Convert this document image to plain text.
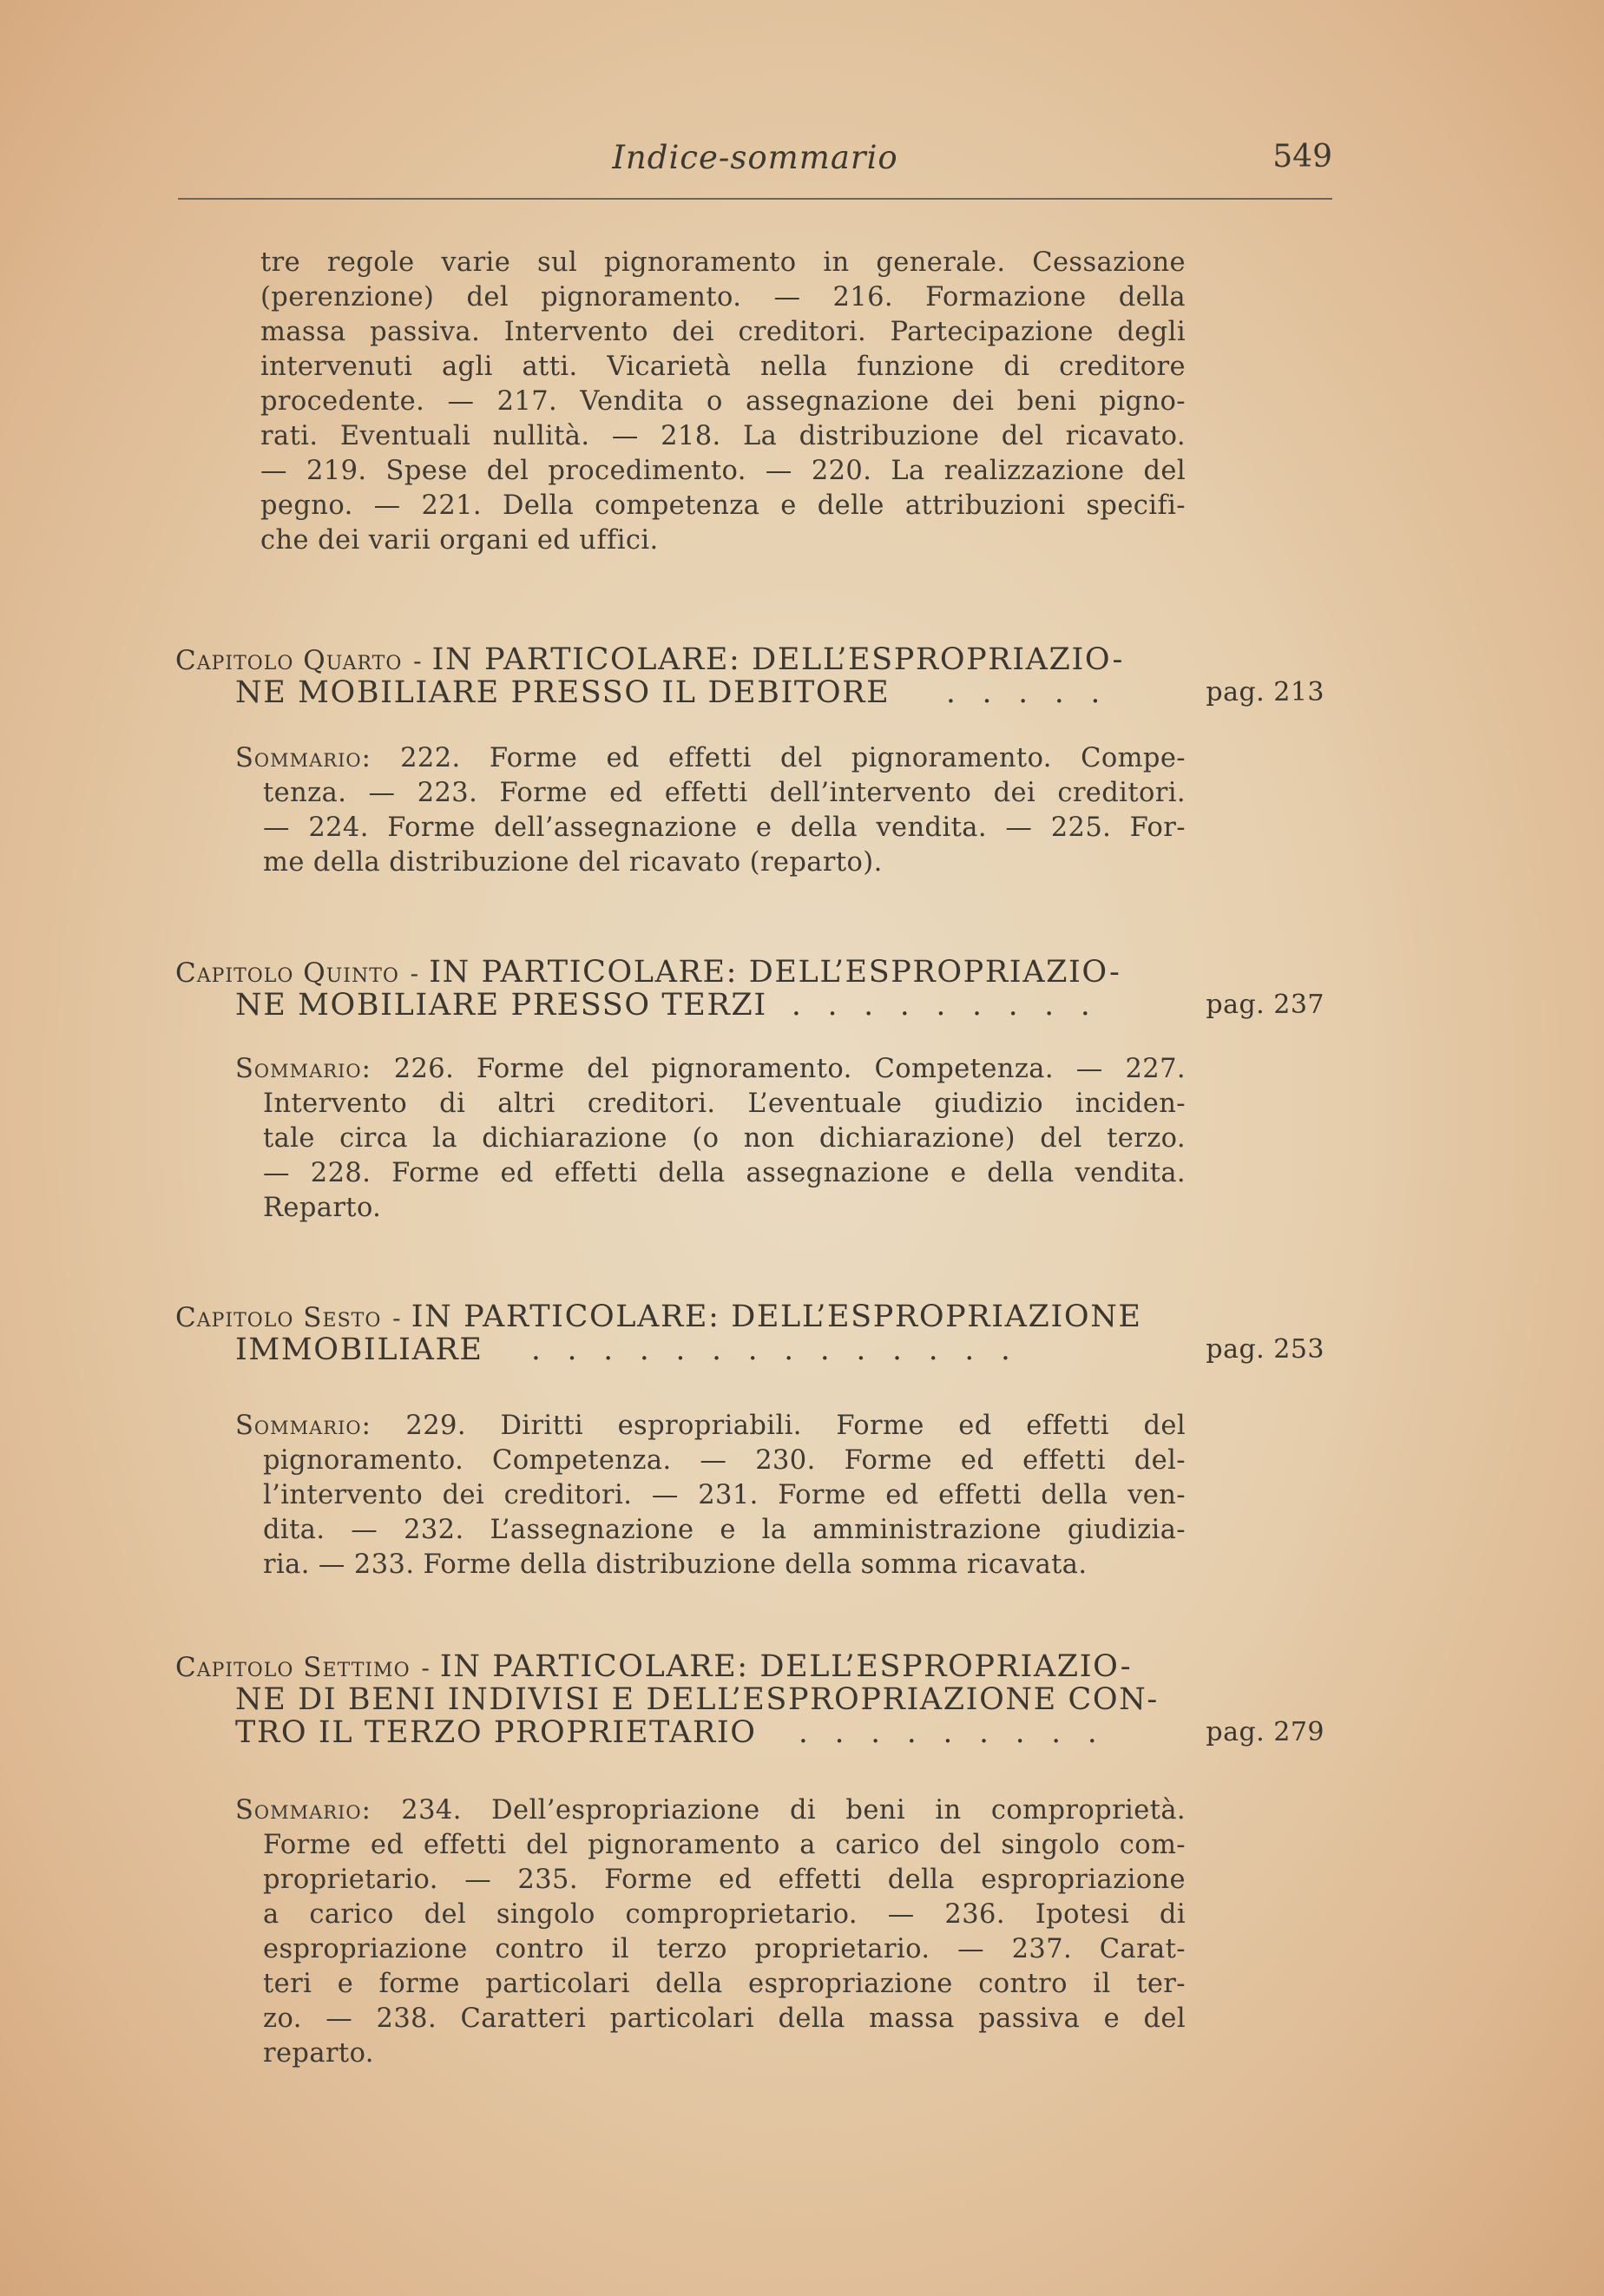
Indice-sommario	549
tre regole varie sul pignoramento in generale. Cessazione
(perenzione) del pignoramento. — 216. Formazione della
massa passiva. Intervento dei creditori. Partecipazione degli
intervenuti agli atti. Vicarietà nella funzione di creditore
procedente. — 217. Vendita o assegnazione dei beni pigno-
rati. Eventuali nullità. — 218. La distribuzione del ricavato.
— 219. Spese del procedimento. — 220. La realizzazione del
pegno. — 221. Della competenza e delle attribuzioni specifi-
che dei varii organi ed uffici.
Capitolo Quarto - IN PARTICOLARE: DELL’ESPROPRIAZIO-
NE MOBILIARE PRESSO IL DEBITORE . . . . .	pag. 213
Sommario: 222. Forme ed effetti del pignoramento. Compe-
tenza. — 223. Forme ed effetti dell’intervento dei creditori.
— 224. Forme dell’assegnazione e della vendita. — 225. For-
me della distribuzione del ricavato (reparto).
Capitolo Quinto - IN PARTICOLARE: DELL’ESPROPRIAZIO-
NE MOBILIARE PRESSO TERZI . . . . . . . . .	pag. 237
Sommario: 226. Forme del pignoramento. Competenza. — 227.
Intervento di altri creditori. L’eventuale giudizio inciden-
tale circa la dichiarazione (o non dichiarazione) del terzo.
— 228. Forme ed effetti della assegnazione e della vendita.
Reparto.
Capitolo Sesto - IN PARTICOLARE: DELL’ESPROPRIAZIONE
IMMOBILIARE . . . . . . . . . . . . . .	pag. 253
Sommario: 229. Diritti espropriabili. Forme ed effetti del
pignoramento. Competenza. — 230. Forme ed effetti del-
l’intervento dei creditori. — 231. Forme ed effetti della ven-
dita. — 232. L’assegnazione e la amministrazione giudizia-
ria. — 233. Forme della distribuzione della somma ricavata.
Capitolo Settimo - IN PARTICOLARE: DELL’ESPROPRIAZIO-
NE DI BENI INDIVISI E DELL’ESPROPRIAZIONE CON-
TRO IL TERZO PROPRIETARIO . . . . . . . . .	pag. 279
Sommario: 234. Dell’espropriazione di beni in comproprietà.
Forme ed effetti del pignoramento a carico del singolo com-
proprietario. — 235. Forme ed effetti della espropriazione
a carico del singolo comproprietario. — 236. Ipotesi di
espropriazione contro il terzo proprietario. — 237. Carat-
teri e forme particolari della espropriazione contro il ter-
zo. — 238. Caratteri particolari della massa passiva e del
reparto.
